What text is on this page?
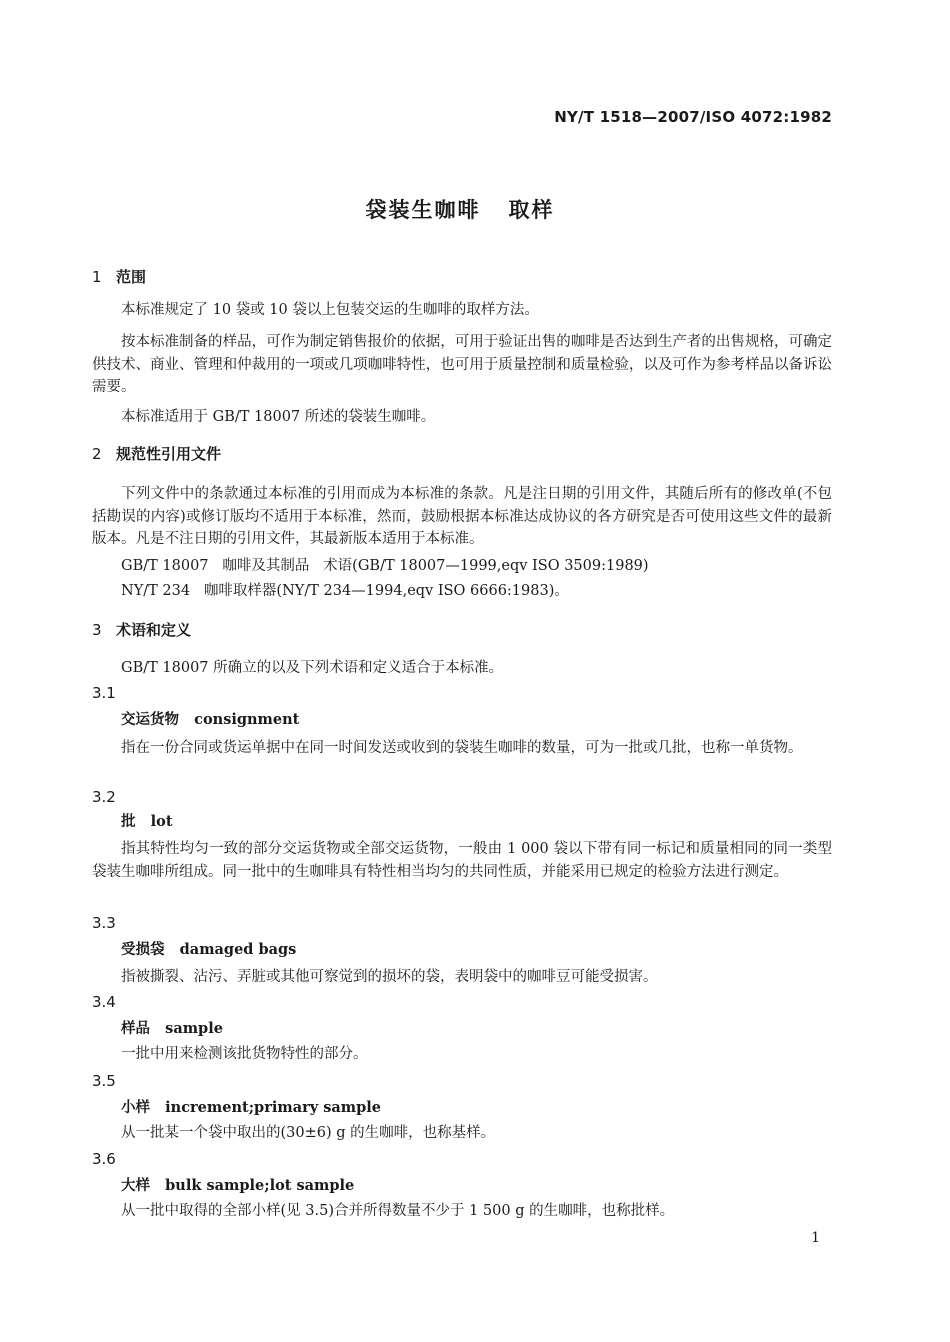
NY/T 1518—2007/ISO 4072:1982
袋装生咖啡   取样
1 范围

本标准规定了 10 袋或 10 袋以上包装交运的生咖啡的取样方法。

按本标准制备的样品，可作为制定销售报价的依据，可用于验证出售的咖啡是否达到生产者的出售规格，可确定供技术、商业、管理和仲裁用的一项或几项咖啡特性，也可用于质量控制和质量检验，以及可作为参考样品以备诉讼需要。

本标准适用于 GB/T 18007 所述的袋装生咖啡。

2 规范性引用文件

下列文件中的条款通过本标准的引用而成为本标准的条款。凡是注日期的引用文件，其随后所有的修改单(不包括勘误的内容)或修订版均不适用于本标准，然而，鼓励根据本标准达成协议的各方研究是否可使用这些文件的最新版本。凡是不注日期的引用文件，其最新版本适用于本标准。

GB/T 18007   咖啡及其制品   术语(GB/T 18007—1999,eqv ISO 3509:1989)
NY/T 234   咖啡取样器(NY/T 234—1994,eqv ISO 6666:1983)。
3 术语和定义
GB/T 18007 所确立的以及下列术语和定义适合于本标准。
3.1
交运货物 consignment

指在一份合同或货运单据中在同一时间发送或收到的袋装生咖啡的数量，可为一批或几批，也称一单货物。

3.2
批 lot

指其特性均匀一致的部分交运货物或全部交运货物，一般由 1 000 袋以下带有同一标记和质量相同的同一类型袋装生咖啡所组成。同一批中的生咖啡具有特性相当均匀的共同性质，并能采用已规定的检验方法进行测定。

3.3
受损袋 damaged bags

指被撕裂、沾污、弄脏或其他可察觉到的损坏的袋，表明袋中的咖啡豆可能受损害。

3.4
样品 sample

一批中用来检测该批货物特性的部分。

3.5
小样 increment;primary sample

从一批某一个袋中取出的(30±6) g 的生咖啡，也称基样。

3.6
大样 bulk sample;lot sample

从一批中取得的全部小样(见 3.5)合并所得数量不少于 1 500 g 的生咖啡，也称批样。

1
